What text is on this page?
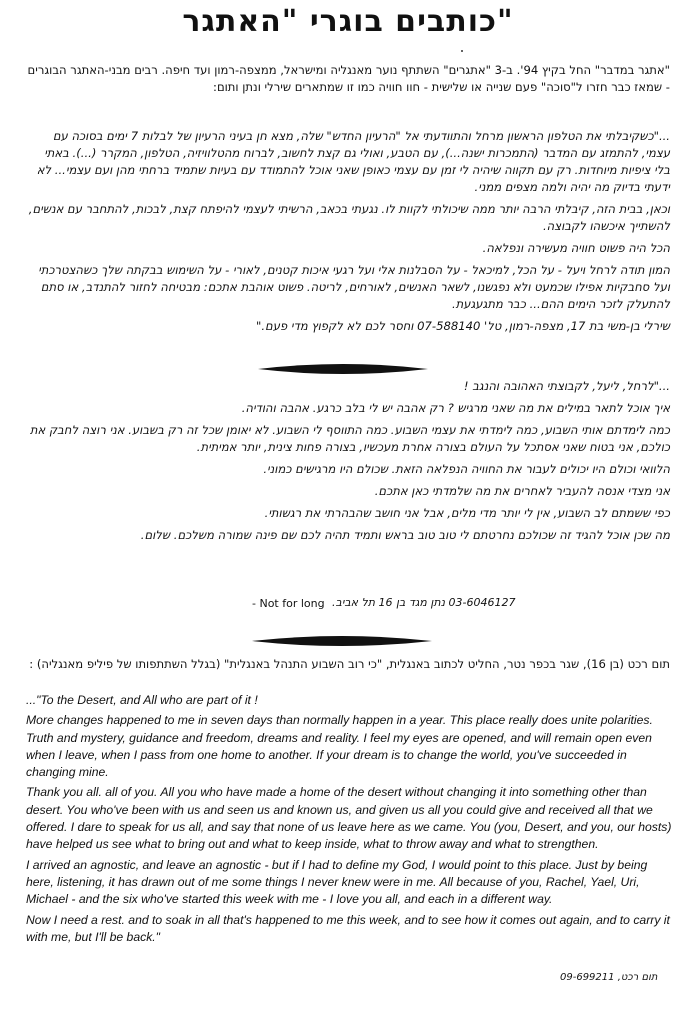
כותבים בוגרי "האתגר"
"אתגר במדבר" החל בקיץ 94'. ב-3 "אתגרים" השתתף נוער מאנגליה ומישראל, ממצפה-רמון ועד חיפה. רבים מבני-האתגר הבוגרים - שמאז כבר חזרו ל"סוכה" פעם שנייה או שלישית - חוו חוויה כמו זו שמתארים שירלי ונתן ותום:

..."כשקיבלתי את הטלפון הראשון מרחל והתוודעתי אל "הרעיון החדש" שלה, מצא חן בעיני הרעיון של לבלות 7 ימים בסוכה עם עצמי, להתמזג עם המדבר (התמכרות ישנה...), עם הטבע, ואולי גם קצת לחשוב, לברוח מהטלוויזיה, הטלפון, המקרר (...). באתי בלי ציפיות מיוחדות. רק עם תקווה שיהיה לי זמן עם עצמי כאופן שאני אוכל להתמודד עם בעיות שתמיד ברחתי מהן ועם עצמי... לא ידעתי בדיוק מה יהיה ולמה מצפים ממני.

וכאן, בבית הזה, קיבלתי הרבה יותר ממה שיכולתי לקוות לו. נגעתי בכאב, הרשיתי לעצמי להיפתח קצת, לבכות, להתחבר עם אנשים, להשתייך איכשהו לקבוצה.

הכל היה פשוט חוויה מעשירה ונפלאה.

המון תודה לרחל ויעל - על הכל, למיכאל - על הסבלנות אלי ועל רגעי איכות קטנים, לאורי - על השימוש בבקתה שלך כשהצטרכתי ועל סחבקיות אפילו שכמעט ולא נפגשנו, לשאר האנשים, לאורחים, לריטה. פשוט אוהבת אתכם: מבטיחה לחזור להתנדב, או סתם להתעלק לזכר הימים ההם... כבר מתגעגעת.

שירלי בן-משי בת 17, מצפה-רמון, טל' 07-588140 וחסר לכם לא לקפוץ מדי פעם."

..."לרחל, ליעל, לקבוצתי האהובה והנגב !

איך אוכל לתאר במילים את מה שאני מרגיש ? רק אהבה יש לי בלב כרגע. אהבה והודיה.

כמה לימדתם אותי השבוע, כמה לימדתי את עצמי השבוע. כמה התווסף לי השבוע. לא יאומן שכל זה רק בשבוע. אני רוצה לחבק את כולכם, אני בטוח שאני אסתכל על העולם בצורה אחרת מעכשיו, בצורה פחות צינית, יותר אמיתית.

הלוואי וכולם היו יכולים לעבור את החוויה הנפלאה הזאת. שכולם היו מרגישים כמוני.

אני מצדי אנסה להעביר לאחרים את מה שלמדתי כאן אתכם.

כפי ששמתם לב השבוע, אין לי יותר מדי מלים, אבל אני חושב שהבהרתי את רגשותי.

מה שכן אוכל להגיד זה שכולכם נחרטתם לי טוב טוב בראש ותמיד תהיה לכם שם פינה שמורה משלכם. שלום.

03-6046127 נתן מגד בן 16 תל אביב.
- Not for long
תום רכט (בן 16), שגר בכפר נטר, החליט לכתוב באנגלית, "כי רוב השבוע התנהל באנגלית" (בגלל השתתפותו של פיליפ מאנגליה) :

..."To the Desert, and All who are part of it !

More changes happened to me in seven days than normally happen in a year. This place really does unite polarities. Truth and mystery, guidance and freedom, dreams and reality. I feel my eyes are opened, and will remain open even when I leave, when I pass from one home to another. If your dream is to change the world, you've succeeded in changing mine.

Thank you all. all of you. All you who have made a home of the desert without changing it into something other than desert. You who've been with us and seen us and known us, and given us all you could give and received all that we offered. I dare to speak for us all, and say that none of us leave here as we came. You (you, Desert, and you, our hosts) have helped us see what to bring out and what to keep inside, what to throw away and what to strengthen.

I arrived an agnostic, and leave an agnostic - but if I had to define my God, I would point to this place. Just by being here, listening, it has drawn out of me some things I never knew were in me. All because of you, Rachel, Yael, Uri, Michael - and the six who've started this week with me - I love you all, and each in a different way.

Now I need a rest. and to soak in all that's happened to me this week, and to see how it comes out again, and to carry it with me, but I'll be back."

תום רכט, 09-699211
